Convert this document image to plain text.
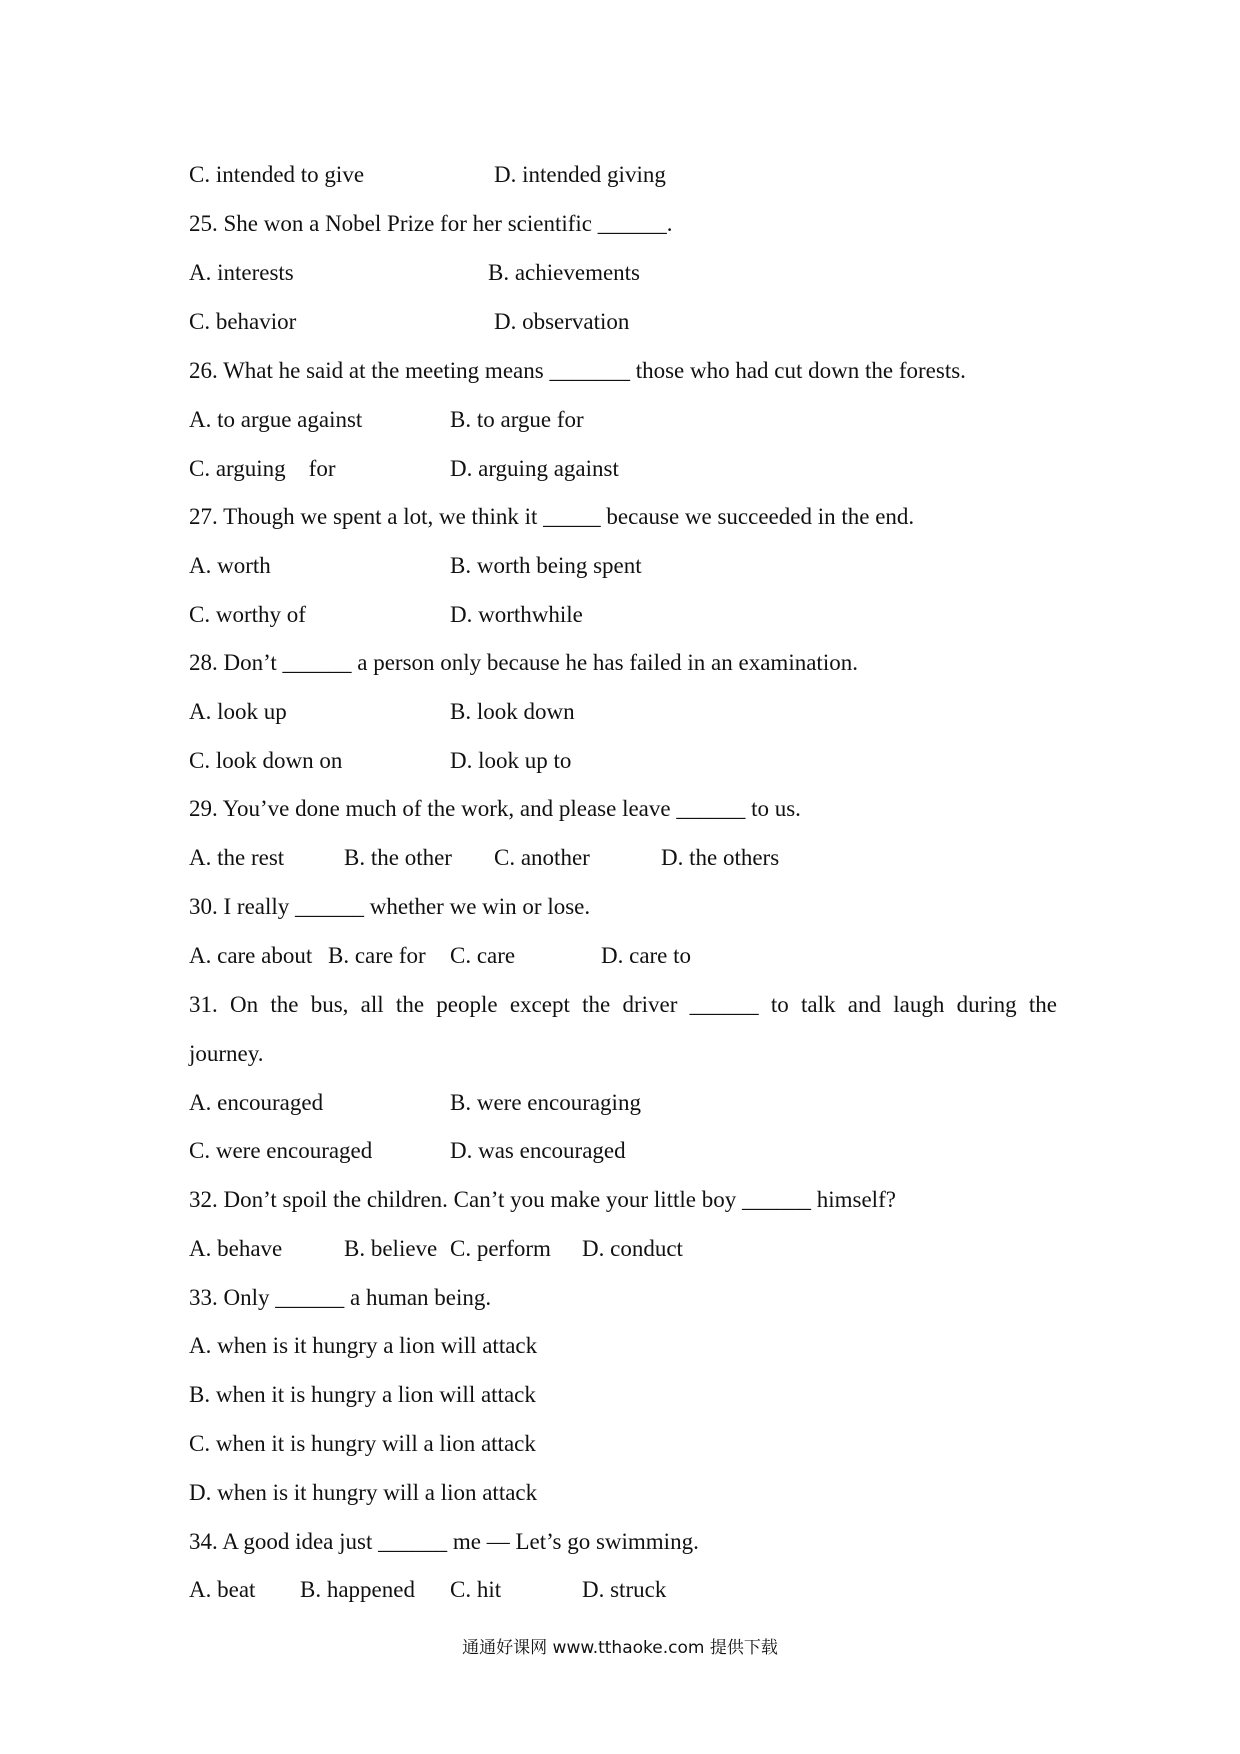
C. intended to give	D. intended giving
25. She won a Nobel Prize for her scientific ______.
A. interests	B. achievements
C. behavior	D. observation
26. What he said at the meeting means _______ those who had cut down the forests.
A. to argue against	B. to argue for
C. arguing    for	D. arguing against
27. Though we spent a lot, we think it _____ because we succeeded in the end.
A. worth	B. worth being spent
C. worthy of	D. worthwhile
28. Don’t ______ a person only because he has failed in an examination.
A. look up	B. look down
C. look down on	D. look up to
29. You’ve done much of the work, and please leave ______ to us.
A. the rest	B. the other C. another	D. the others
30. I really ______ whether we win or lose.
A. care about B. care for C. care	D. care to
31. On the bus, all the people except the driver ______ to talk and laugh during the
journey.
A. encouraged	B. were encouraging
C. were encouraged	D. was encouraged
32. Don’t spoil the children. Can’t you make your little boy ______ himself?
A. behave	B. believe C. perform D. conduct
33. Only ______ a human being.
A. when is it hungry a lion will attack
B. when it is hungry a lion will attack
C. when it is hungry will a lion attack
D. when is it hungry will a lion attack
34. A good idea just ______ me — Let’s go swimming.
A. beat B. happened C. hit	D. struck
通通好课网 www.tthaoke.com 提供下载
